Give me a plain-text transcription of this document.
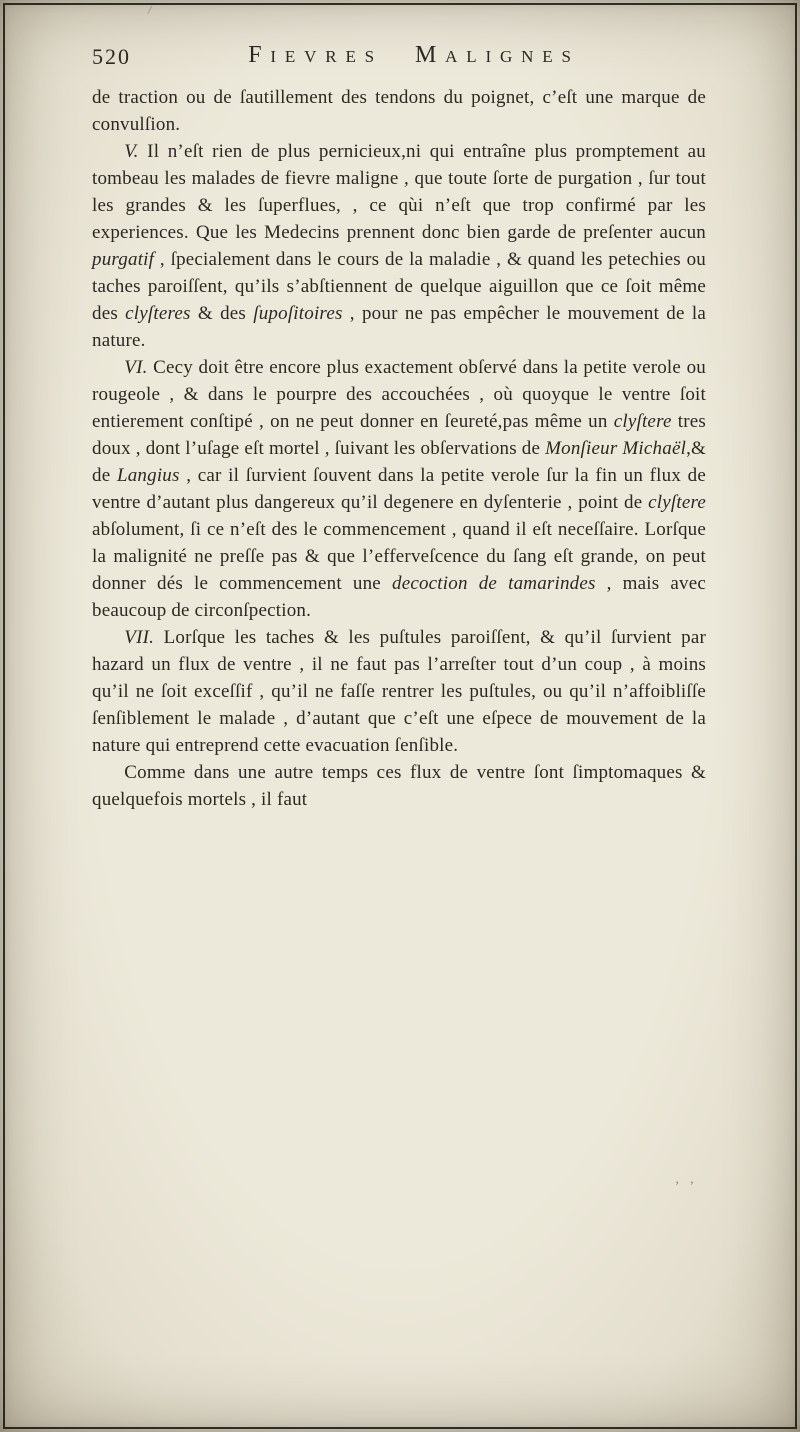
/
520	FIEVRES MALIGNES

de traction ou de ſautillement des tendons du poignet, c’eſt une marque de convulſion.

V. Il n’eſt rien de plus pernicieux,ni qui entraîne plus promptement au tombeau les malades de fievre maligne , que toute ſorte de purgation , ſur tout les grandes & les ſuperflues, , ce qùi n’eſt que trop confirmé par les experiences. Que les Medecins prennent donc bien garde de preſenter aucun purgatif , ſpecialement dans le cours de la maladie , & quand les petechies ou taches paroiſſent, qu’ils s’abſtiennent de quelque aiguillon que ce ſoit même des clyſteres & des ſupoſitoires , pour ne pas empêcher le mouvement de la nature.

VI. Cecy doit être encore plus exactement obſervé dans la petite verole ou rougeole , & dans le pourpre des accouchées , où quoyque le ventre ſoit entierement conſtipé , on ne peut donner en ſeureté,pas même un clyſtere tres doux , dont l’uſage eſt mortel , ſuivant les obſervations de Monſieur Michaël,& de Langius , car il ſurvient ſouvent dans la petite verole ſur la fin un flux de ventre d’autant plus dangereux qu’il degenere en dyſenterie , point de clyſtere abſolument, ſi ce n’eſt des le commencement , quand il eſt neceſſaire. Lorſque la malignité ne preſſe pas & que l’efferveſcence du ſang eſt grande, on peut donner dés le commencement une decoction de tamarindes , mais avec beaucoup de circonſpection.

VII. Lorſque les taches & les puſtules paroiſſent, & qu’il ſurvient par hazard un flux de ventre , il ne faut pas l’arreſter tout d’un coup , à moins qu’il ne ſoit exceſſif , qu’il ne faſſe rentrer les puſtules, ou qu’il n’affoibliſſe ſenſiblement le malade , d’autant que c’eſt une eſpece de mouvement de la nature qui entreprend cette evacuation ſenſible.

Comme dans une autre temps ces flux de ventre ſont ſimptomaques & quelquefois mortels , il faut

’ ’
